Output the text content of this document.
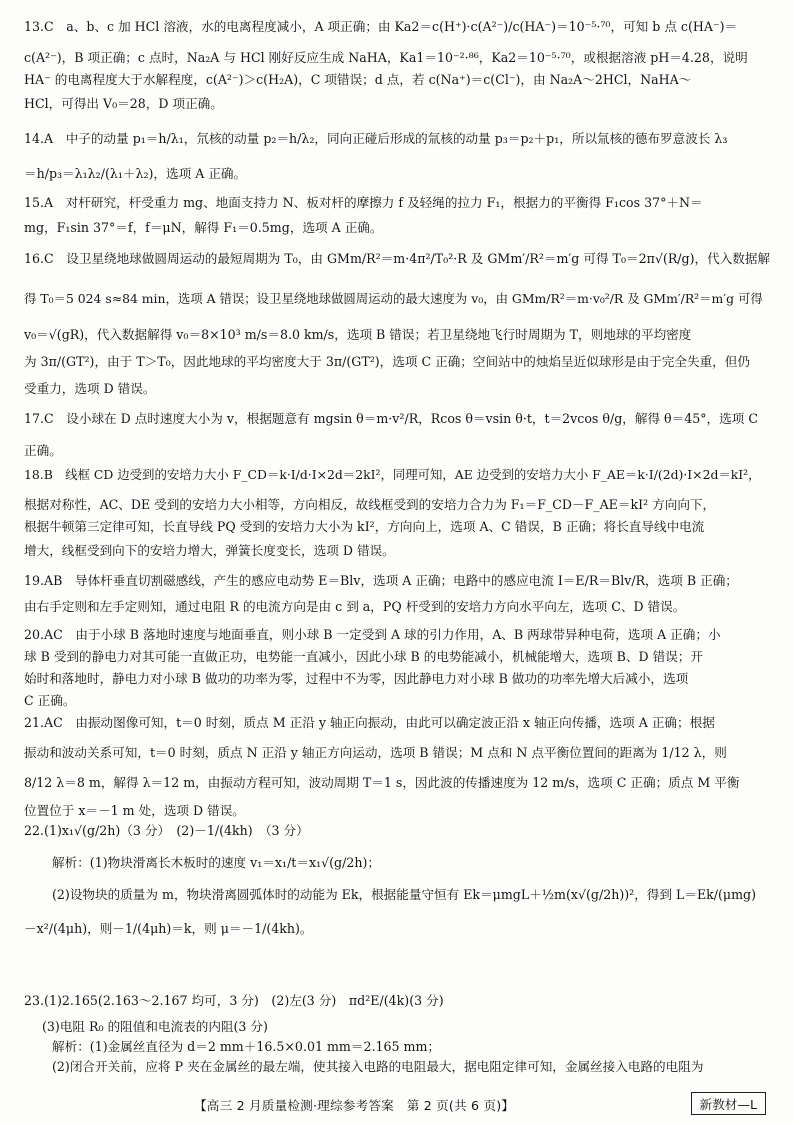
13.C　a、b、c 加 HCl 溶液，水的电离程度减小，A 项正确；由 Ka2＝c(H⁺)·c(A²⁻)/c(HA⁻)＝10⁻⁵·⁷⁰，可知 b 点 c(HA⁻)＝
c(A²⁻)，B 项正确；c 点时，Na₂A 与 HCl 刚好反应生成 NaHA，Ka1＝10⁻²·⁸⁶，Ka2＝10⁻⁵·⁷⁰，或根据溶液 pH＝4.28，说明
HA⁻ 的电离程度大于水解程度，c(A²⁻)＞c(H₂A)，C 项错误；d 点，若 c(Na⁺)＝c(Cl⁻)，由 Na₂A～2HCl，NaHA～
HCl，可得出 V₀＝28，D 项正确。
14.A　中子的动量 p₁＝h/λ₁，氘核的动量 p₂＝h/λ₂，同向正碰后形成的氚核的动量 p₃＝p₂＋p₁，所以氚核的德布罗意波长 λ₃
＝h/p₃＝λ₁λ₂/(λ₁＋λ₂)，选项 A 正确。
15.A　对杆研究，杆受重力 mg、地面支持力 N、板对杆的摩擦力 f 及轻绳的拉力 F₁，根据力的平衡得 F₁cos 37°＋N＝
mg，F₁sin 37°＝f，f＝μN，解得 F₁＝0.5mg，选项 A 正确。
16.C　设卫星绕地球做圆周运动的最短周期为 T₀，由 GMm/R²＝m·4π²/T₀²·R 及 GMm′/R²＝m′g 可得 T₀＝2π√(R/g)，代入数据解
得 T₀＝5 024 s≈84 min，选项 A 错误；设卫星绕地球做圆周运动的最大速度为 v₀，由 GMm/R²＝m·v₀²/R 及 GMm′/R²＝m′g 可得
v₀＝√(gR)，代入数据解得 v₀＝8×10³ m/s＝8.0 km/s，选项 B 错误；若卫星绕地飞行时周期为 T，则地球的平均密度
为 3π/(GT²)，由于 T＞T₀，因此地球的平均密度大于 3π/(GT²)，选项 C 正确；空间站中的烛焰呈近似球形是由于完全失重，但仍
受重力，选项 D 错误。
17.C　设小球在 D 点时速度大小为 v，根据题意有 mgsin θ＝m·v²/R，Rcos θ＝vsin θ·t，t＝2vcos θ/g，解得 θ＝45°，选项 C
正确。
18.B　线框 CD 边受到的安培力大小 F_CD＝k·I/d·I×2d＝2kI²，同理可知，AE 边受到的安培力大小 F_AE＝k·I/(2d)·I×2d＝kI²，
根据对称性，AC、DE 受到的安培力大小相等，方向相反，故线框受到的安培力合力为 F₁＝F_CD－F_AE＝kI² 方向向下，
根据牛顿第三定律可知，长直导线 PQ 受到的安培力大小为 kI²，方向向上，选项 A、C 错误，B 正确；将长直导线中电流
增大，线框受到向下的安培力增大，弹簧长度变长，选项 D 错误。
19.AB　导体杆垂直切割磁感线，产生的感应电动势 E＝Blv，选项 A 正确；电路中的感应电流 I＝E/R＝Blv/R，选项 B 正确；
由右手定则和左手定则知，通过电阻 R 的电流方向是由 c 到 a，PQ 杆受到的安培力方向水平向左，选项 C、D 错误。
20.AC　由于小球 B 落地时速度与地面垂直，则小球 B 一定受到 A 球的引力作用，A、B 两球带异种电荷，选项 A 正确；小
球 B 受到的静电力对其可能一直做正功，电势能一直减小，因此小球 B 的电势能减小，机械能增大，选项 B、D 错误；开
始时和落地时，静电力对小球 B 做功的功率为零，过程中不为零，因此静电力对小球 B 做功的功率先增大后减小，选项
C 正确。
21.AC　由振动图像可知，t＝0 时刻，质点 M 正沿 y 轴正向振动，由此可以确定波正沿 x 轴正向传播，选项 A 正确；根据
振动和波动关系可知，t＝0 时刻，质点 N 正沿 y 轴正方向运动，选项 B 错误；M 点和 N 点平衡位置间的距离为 1/12 λ，则
8/12 λ＝8 m，解得 λ＝12 m，由振动方程可知，波动周期 T＝1 s，因此波的传播速度为 12 m/s，选项 C 正确；质点 M 平衡
位置位于 x＝－1 m 处，选项 D 错误。
22.(1)x₁√(g/2h)（3 分）　(2)－1/(4kh)　（3 分）
解析：(1)物块滑离长木板时的速度 v₁＝x₁/t＝x₁√(g/2h)；
(2)设物块的质量为 m，物块滑离圆弧体时的动能为 Ek，根据能量守恒有 Ek＝μmgL＋½m(x√(g/2h))²，得到 L＝Ek/(μmg)
－x²/(4μh)，则－1/(4μh)＝k，则 μ＝－1/(4kh)。
23.(1)2.165(2.163～2.167 均可，3 分)　(2)左(3 分)　πd²E/(4k)(3 分)
(3)电阻 R₀ 的阻值和电流表的内阻(3 分)
解析：(1)金属丝直径为 d＝2 mm＋16.5×0.01 mm＝2.165 mm；
(2)闭合开关前，应将 P 夹在金属丝的最左端，使其接入电路的电阻最大，据电阻定律可知，金属丝接入电路的电阻为
【高三 2 月质量检测·理综参考答案　第 2 页(共 6 页)】	新教材—L
